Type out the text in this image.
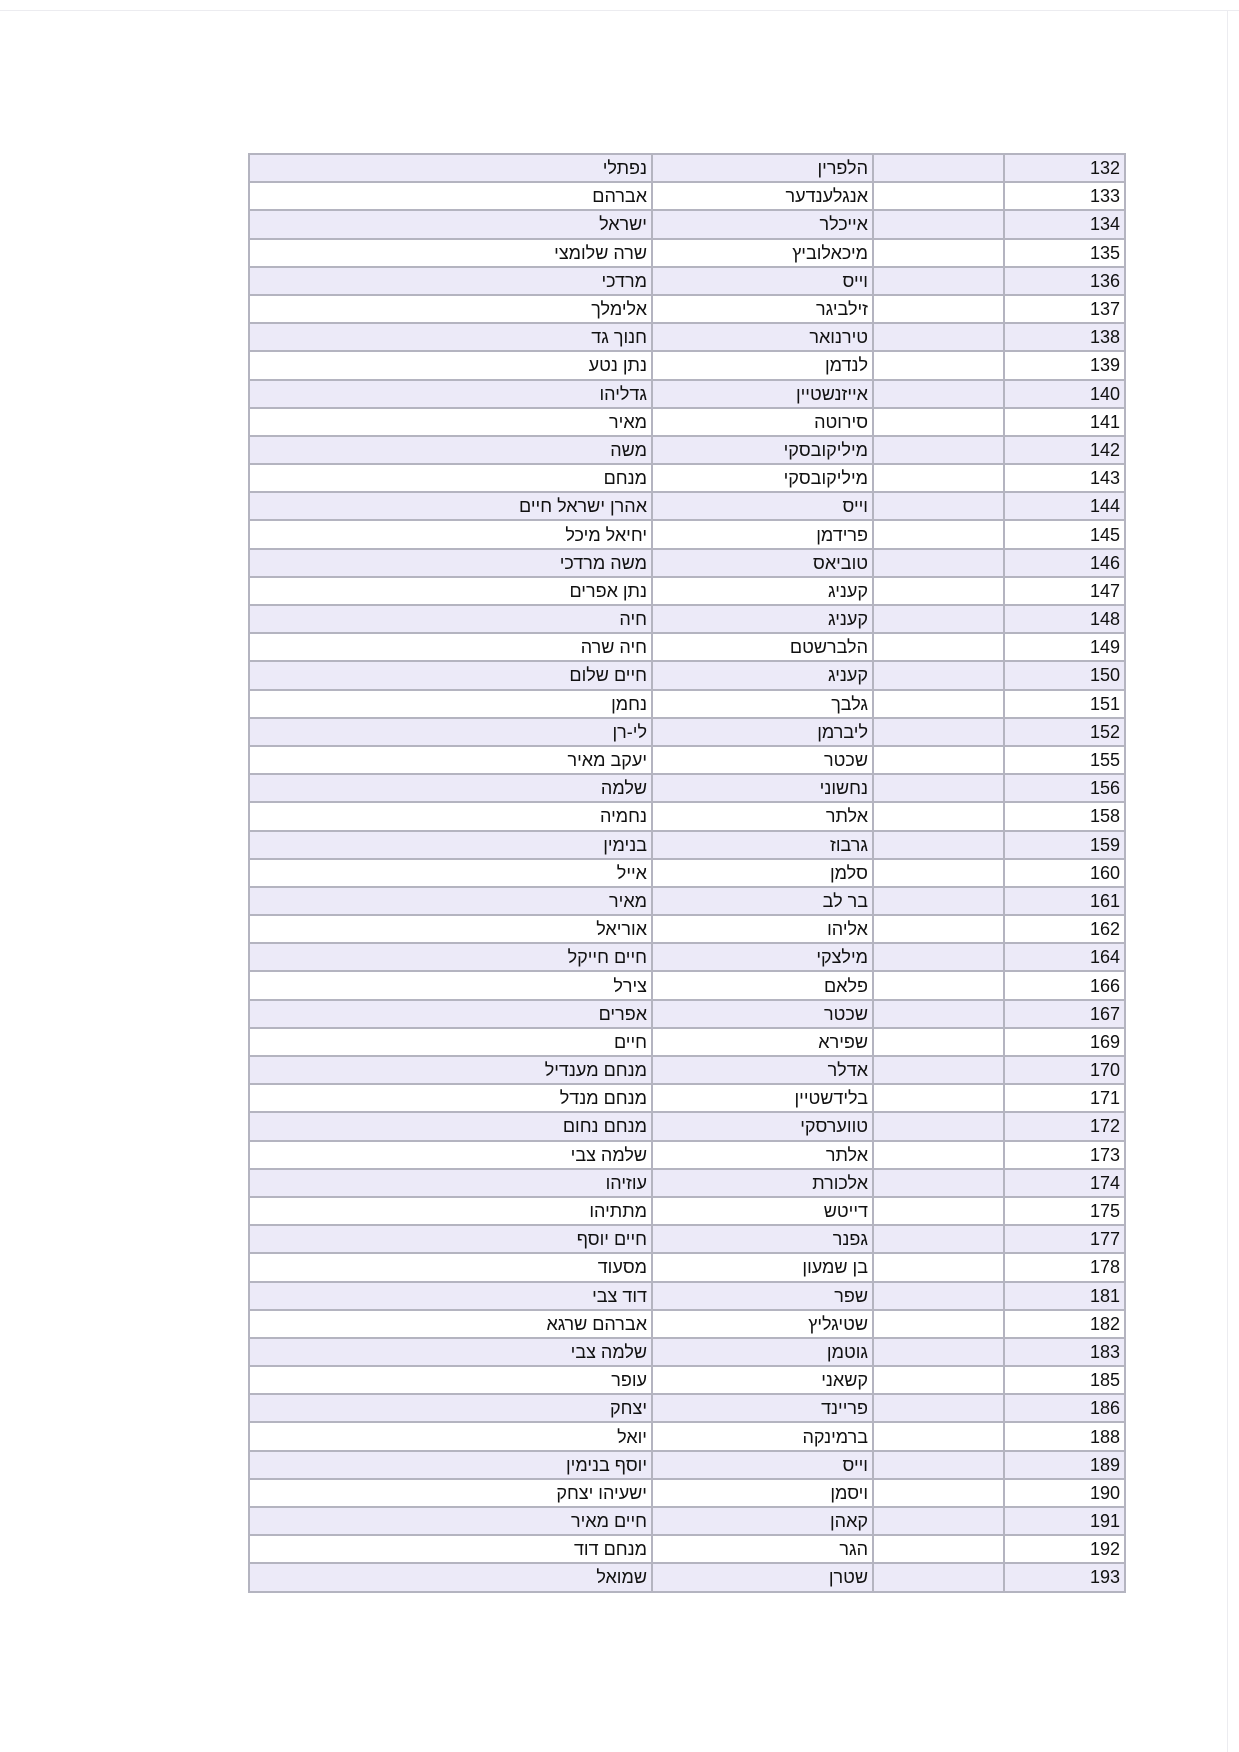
נפתלי	הלפרין		132
אברהם	אנגלענדער		133
ישראל	אייכלר		134
שרה שלומצי	מיכאלוביץ		135
מרדכי	וייס		136
אלימלך	זילביגר		137
חנוך גד	טירנואר		138
נתן נטע	לנדמן		139
גדליהו	אייזנשטיין		140
מאיר	סירוטה		141
משה	מיליקובסקי		142
מנחם	מיליקובסקי		143
אהרן ישראל חיים	וייס		144
יחיאל מיכל	פרידמן		145
משה מרדכי	טוביאס		146
נתן אפרים	קעניג		147
חיה	קעניג		148
חיה שרה	הלברשטם		149
חיים שלום	קעניג		150
נחמן	גלבך		151
לי-רן	ליברמן		152
יעקב מאיר	שכטר		155
שלמה	נחשוני		156
נחמיה	אלתר		158
בנימין	גרבוז		159
אייל	סלמן		160
מאיר	בר לב		161
אוריאל	אליהו		162
חיים חייקל	מילצקי		164
צירל	פלאם		166
אפרים	שכטר		167
חיים	שפירא		169
מנחם מענדיל	אדלר		170
מנחם מנדל	בלידשטיין		171
מנחם נחום	טווערסקי		172
שלמה צבי	אלתר		173
עוזיהו	אלכורת		174
מתתיהו	דייטש		175
חיים יוסף	גפנר		177
מסעוד	בן שמעון		178
דוד צבי	שפר		181
אברהם שרגא	שטיגליץ		182
שלמה צבי	גוטמן		183
עופר	קשאני		185
יצחק	פריינד		186
יואל	ברמינקה		188
יוסף בנימין	וייס		189
ישעיהו יצחק	ויסמן		190
חיים מאיר	קאהן		191
מנחם דוד	הגר		192
שמואל	שטרן		193
